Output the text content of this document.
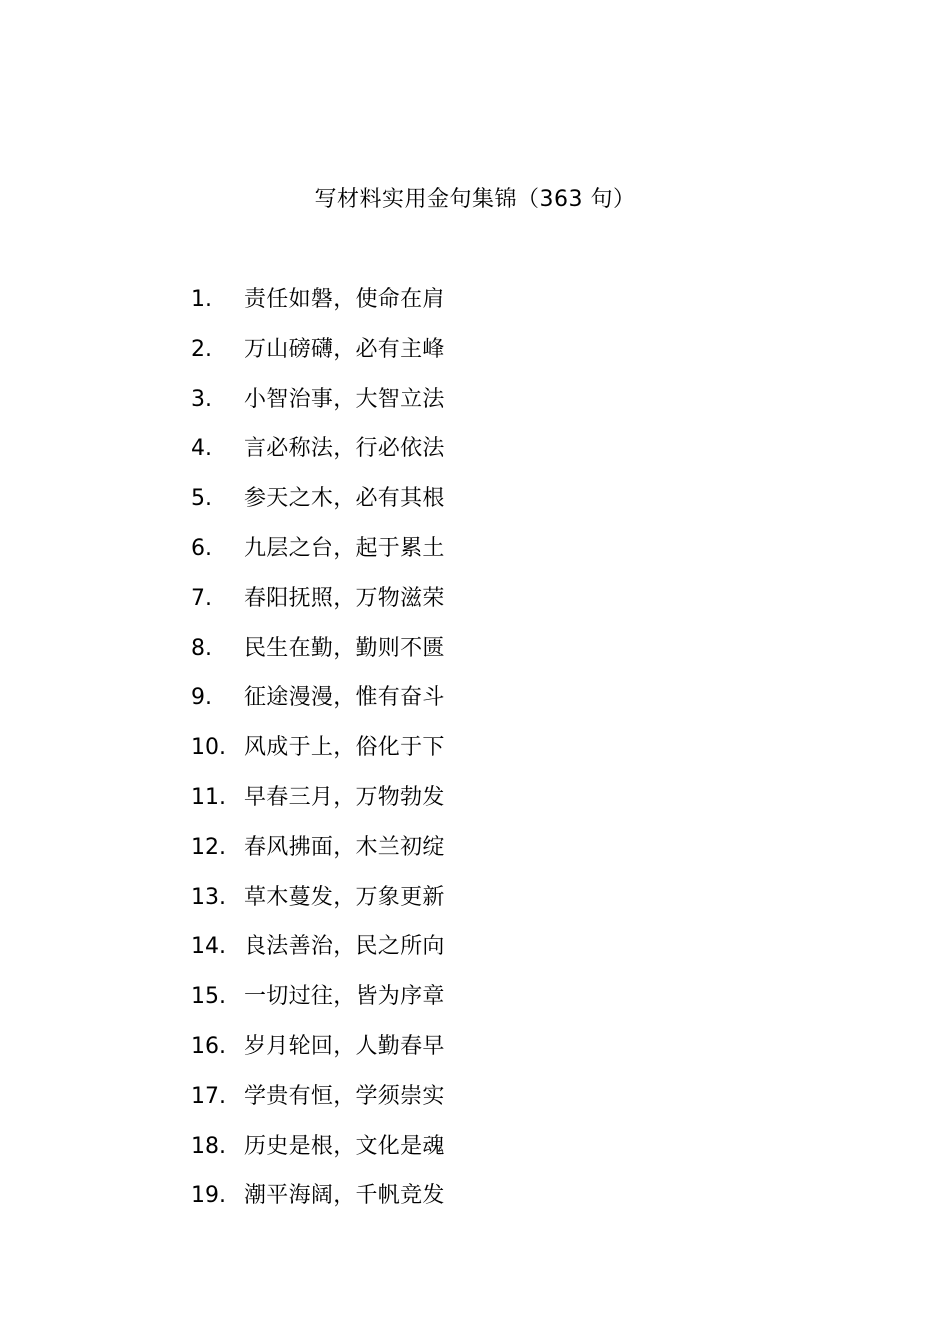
写材料实用金句集锦（363 句）
1. 责任如磐，使命在肩
2. 万山磅礴，必有主峰
3. 小智治事，大智立法
4. 言必称法，行必依法
5. 参天之木，必有其根
6. 九层之台，起于累土
7. 春阳抚照，万物滋荣
8. 民生在勤，勤则不匮
9. 征途漫漫，惟有奋斗
10. 风成于上，俗化于下
11. 早春三月，万物勃发
12. 春风拂面，木兰初绽
13. 草木蔓发，万象更新
14. 良法善治，民之所向
15. 一切过往，皆为序章
16. 岁月轮回，人勤春早
17. 学贵有恒，学须崇实
18. 历史是根，文化是魂
19. 潮平海阔，千帆竞发
